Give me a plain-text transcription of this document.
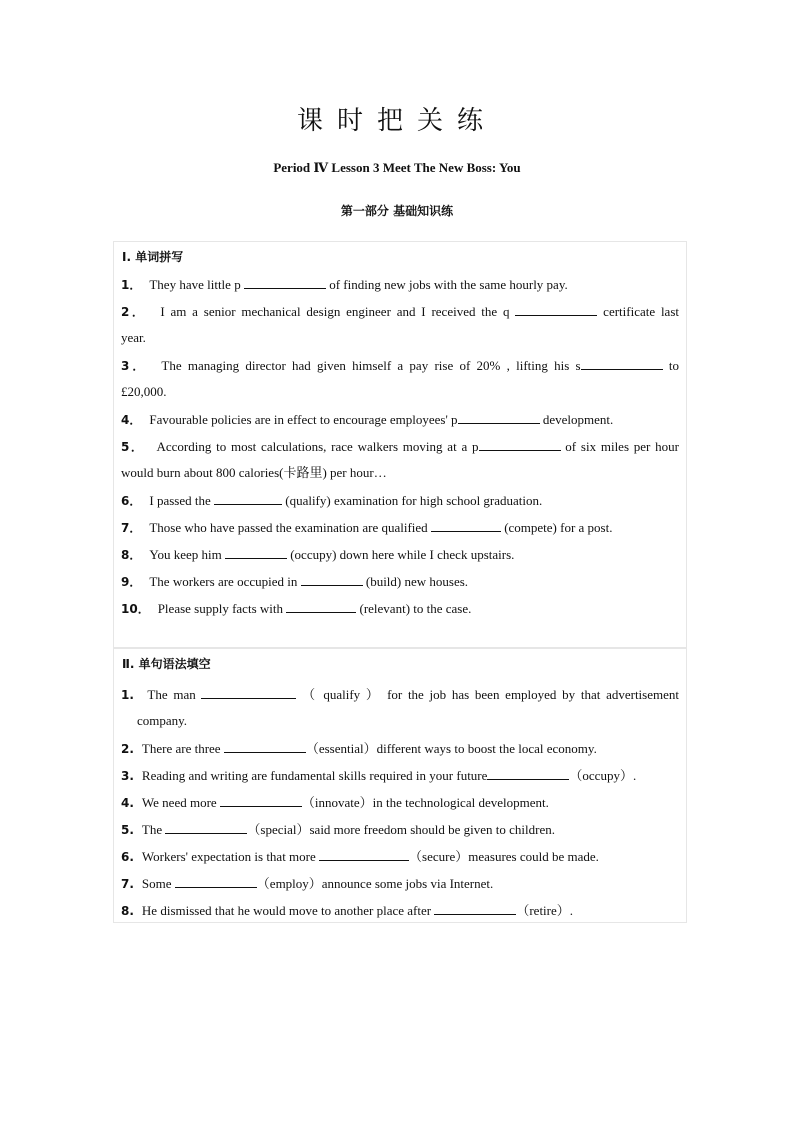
课时把关练
Period Ⅳ Lesson 3 Meet The New Boss: You
第一部分 基础知识练
Ⅰ. 单词拼写
1． They have little p	of finding new jobs with the same hourly pay.
2． I am a senior mechanical design engineer and I received the q	certificate last
year.
3． The managing director had given himself a pay rise of 20% , lifting his s	to
£20,000.
4． Favourable policies are in effect to encourage employees' p	development.
5． According to most calculations, race walkers moving at a p	of six miles per hour
would burn about 800 calories(卡路里) per hour…
6． I passed the	(qualify) examination for high school graduation.
7． Those who have passed the examination are qualified	(compete) for a post.
8． You keep him	(occupy) down here while I check upstairs.
9． The workers are occupied in	(build) new houses.
10． Please supply facts with	(relevant) to the case.
Ⅱ. 单句语法填空
1. The man	（ qualify ） for the job has been employed by that advertisement
company.
2. There are three	（essential）different ways to boost the local economy.
3. Reading and writing are fundamental skills required in your future	（occupy）.
4. We need more	（innovate）in the technological development.
5. The	（special）said more freedom should be given to children.
6. Workers' expectation is that more	（secure）measures could be made.
7. Some	（employ）announce some jobs via Internet.
8. He dismissed that he would move to another place after	（retire）.
